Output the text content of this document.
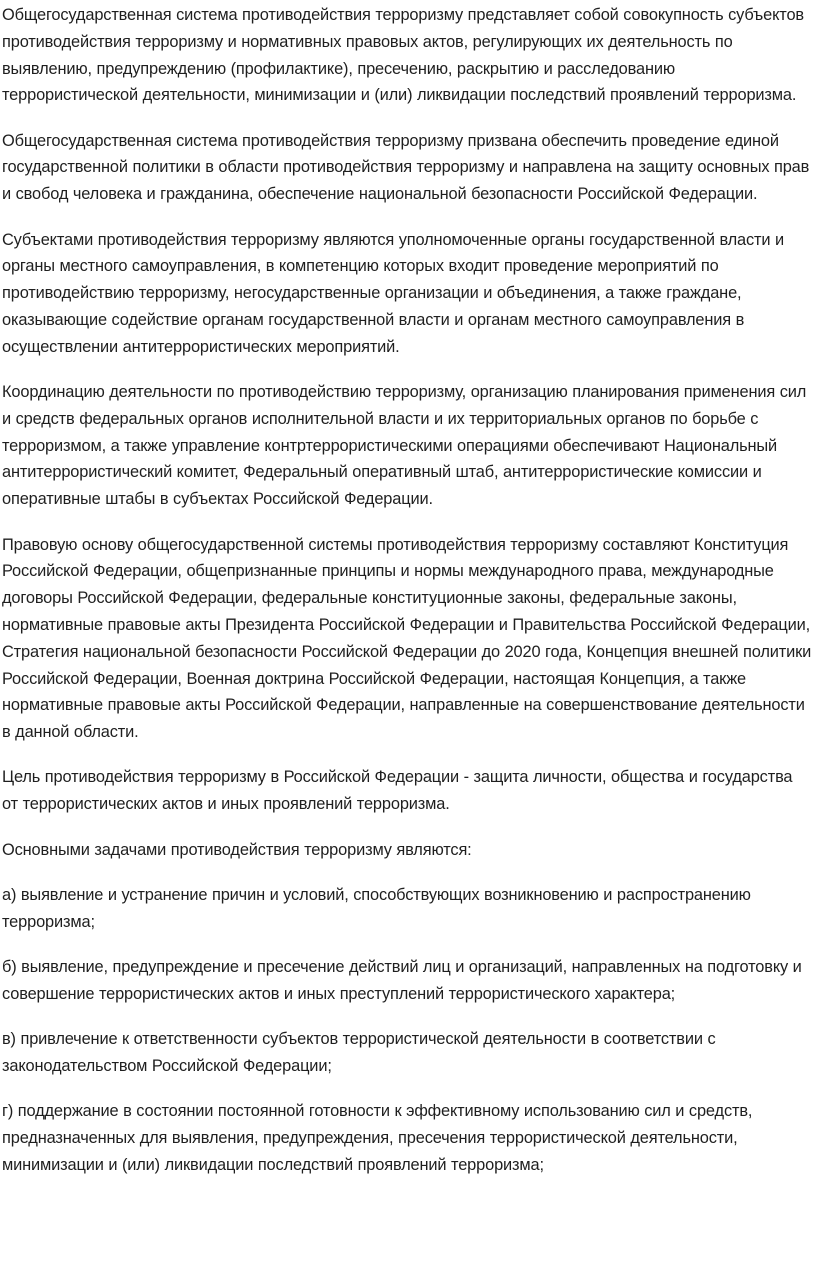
Общегосударственная система противодействия терроризму представляет собой совокупность субъектов противодействия терроризму и нормативных правовых актов, регулирующих их деятельность по выявлению, предупреждению (профилактике), пресечению, раскрытию и расследованию террористической деятельности, минимизации и (или) ликвидации последствий проявлений терроризма.

Общегосударственная система противодействия терроризму призвана обеспечить проведение единой государственной политики в области противодействия терроризму и направлена на защиту основных прав и свобод человека и гражданина, обеспечение национальной безопасности Российской Федерации.

Субъектами противодействия терроризму являются уполномоченные органы государственной власти и органы местного самоуправления, в компетенцию которых входит проведение мероприятий по противодействию терроризму, негосударственные организации и объединения, а также граждане, оказывающие содействие органам государственной власти и органам местного самоуправления в осуществлении антитеррористических мероприятий.

Координацию деятельности по противодействию терроризму, организацию планирования применения сил и средств федеральных органов исполнительной власти и их территориальных органов по борьбе с терроризмом, а также управление контртеррористическими операциями обеспечивают Национальный антитеррористический комитет, Федеральный оперативный штаб, антитеррористические комиссии и оперативные штабы в субъектах Российской Федерации.

Правовую основу общегосударственной системы противодействия терроризму составляют Конституция Российской Федерации, общепризнанные принципы и нормы международного права, международные договоры Российской Федерации, федеральные конституционные законы, федеральные законы, нормативные правовые акты Президента Российской Федерации и Правительства Российской Федерации, Стратегия национальной безопасности Российской Федерации до 2020 года, Концепция внешней политики Российской Федерации, Военная доктрина Российской Федерации, настоящая Концепция, а также нормативные правовые акты Российской Федерации, направленные на совершенствование деятельности в данной области.

Цель противодействия терроризму в Российской Федерации - защита личности, общества и государства от террористических актов и иных проявлений терроризма.

Основными задачами противодействия терроризму являются:

а) выявление и устранение причин и условий, способствующих возникновению и распространению терроризма;

б) выявление, предупреждение и пресечение действий лиц и организаций, направленных на подготовку и совершение террористических актов и иных преступлений террористического характера;

в) привлечение к ответственности субъектов террористической деятельности в соответствии с законодательством Российской Федерации;

г) поддержание в состоянии постоянной готовности к эффективному использованию сил и средств, предназначенных для выявления, предупреждения, пресечения террористической деятельности, минимизации и (или) ликвидации последствий проявлений терроризма;
